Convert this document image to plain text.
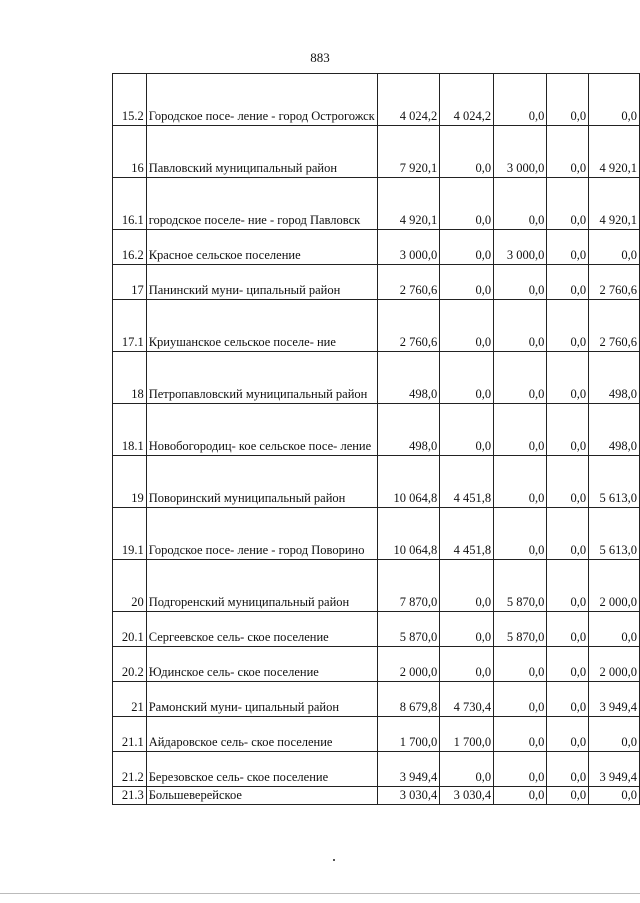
883
15.2	Городское посе- ление - город Острогожск	4 024,2	4 024,2	0,0	0,0	0,0
16	Павловский муниципальный район	7 920,1	0,0	3 000,0	0,0	4 920,1
16.1	городское поселе- ние - город Павловск	4 920,1	0,0	0,0	0,0	4 920,1
16.2	Красное сельское поселение	3 000,0	0,0	3 000,0	0,0	0,0
17	Панинский муни- ципальный район	2 760,6	0,0	0,0	0,0	2 760,6
17.1	Криушанское сельское поселе- ние	2 760,6	0,0	0,0	0,0	2 760,6
18	Петропавловский муниципальный район	498,0	0,0	0,0	0,0	498,0
18.1	Новобогородиц- кое сельское посе- ление	498,0	0,0	0,0	0,0	498,0
19	Поворинский муниципальный район	10 064,8	4 451,8	0,0	0,0	5 613,0
19.1	Городское посе- ление - город Поворино	10 064,8	4 451,8	0,0	0,0	5 613,0
20	Подгоренский муниципальный район	7 870,0	0,0	5 870,0	0,0	2 000,0
20.1	Сергеевское сель- ское поселение	5 870,0	0,0	5 870,0	0,0	0,0
20.2	Юдинское сель- ское поселение	2 000,0	0,0	0,0	0,0	2 000,0
21	Рамонский муни- ципальный район	8 679,8	4 730,4	0,0	0,0	3 949,4
21.1	Айдаровское сель- ское поселение	1 700,0	1 700,0	0,0	0,0	0,0
21.2	Березовское сель- ское поселение	3 949,4	0,0	0,0	0,0	3 949,4
21.3	Большеверейское	3 030,4	3 030,4	0,0	0,0	0,0
